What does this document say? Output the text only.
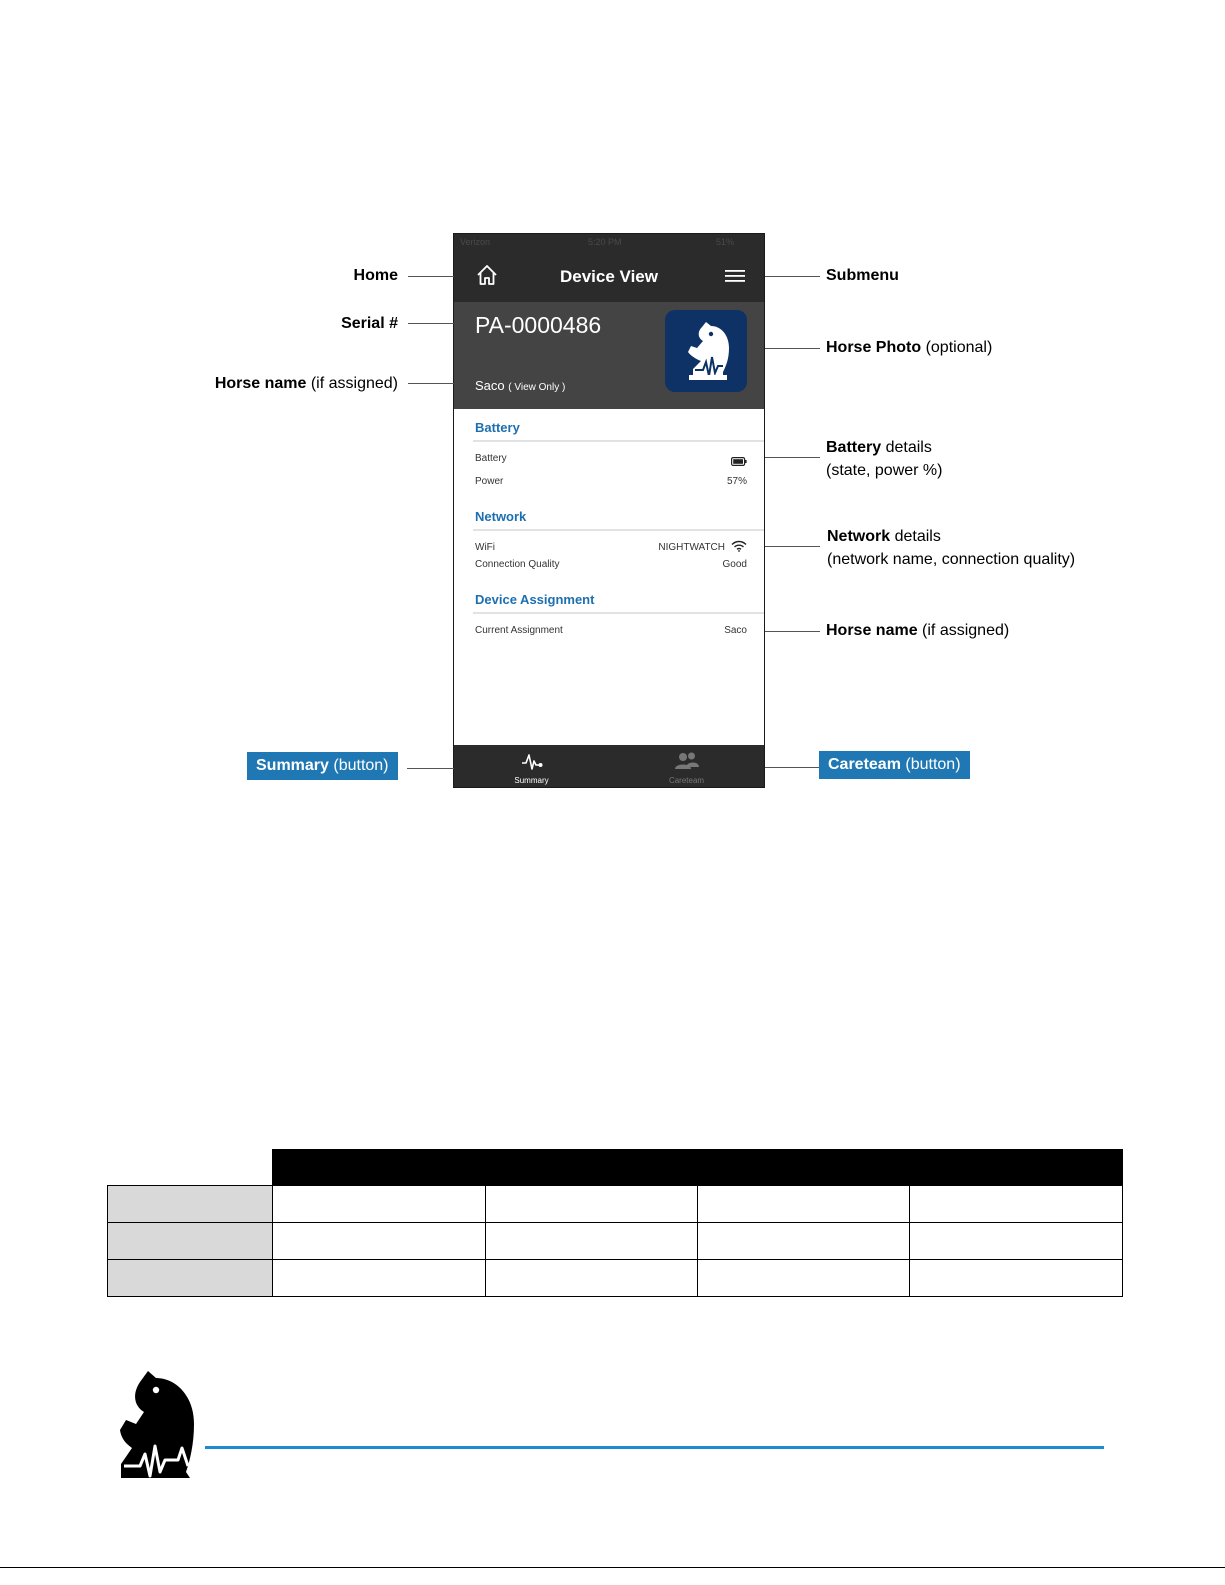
Verizon	5:20 PM	51%
Device View
PA-0000486
Saco ( View Only )
Battery
Battery
Power	57%
Network
WiFi	NIGHTWATCH
Connection Quality	Good
Device Assignment
Current Assignment	Saco
Summary	Careteam
Home
Serial #
Horse name (if assigned)
Summary (button)
Submenu
Horse Photo (optional)
Battery details
(state, power %)
Network details
(network name, connection quality)
Horse name (if assigned)
Careteam (button)
